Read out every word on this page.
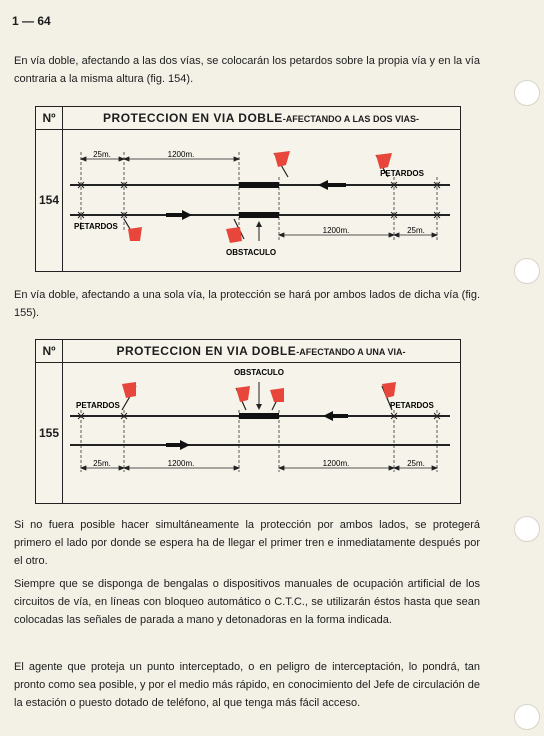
1 — 64

En vía doble, afectando a las dos vías, se colocarán los petardos sobre la propia vía y en la vía contraria a la misma altura (fig. 154).

Nº	PROTECCION EN VIA DOBLE-AFECTANDO A LAS DOS VIAS-
154
25m.	1200m.
1200m.	25m.
PETARDOS
PETARDOS
OBSTACULO

En vía doble, afectando a una sola vía, la protección se hará por ambos lados de dicha vía (fig. 155).

Nº	PROTECCION EN VIA DOBLE-AFECTANDO A UNA VIA-
155
25m.	1200m.	1200m.	25m.
OBSTACULO
PETARDOS	PETARDOS

Si no fuera posible hacer simultáneamente la protección por ambos lados, se protegerá primero el lado por donde se espera ha de llegar el primer tren e inmediatamente después por el otro.

Siempre que se disponga de bengalas o dispositivos manuales de ocupación artificial de los circuitos de vía, en líneas con bloqueo automático o C.T.C., se utilizarán éstos hasta que sean colocadas las señales de parada a mano y detonadoras en la forma indicada.

El agente que proteja un punto interceptado, o en peligro de interceptación, lo pondrá, tan pronto como sea posible, y por el medio más rápido, en conocimiento del Jefe de circulación de la estación o puesto dotado de teléfono, al que tenga más fácil acceso.
